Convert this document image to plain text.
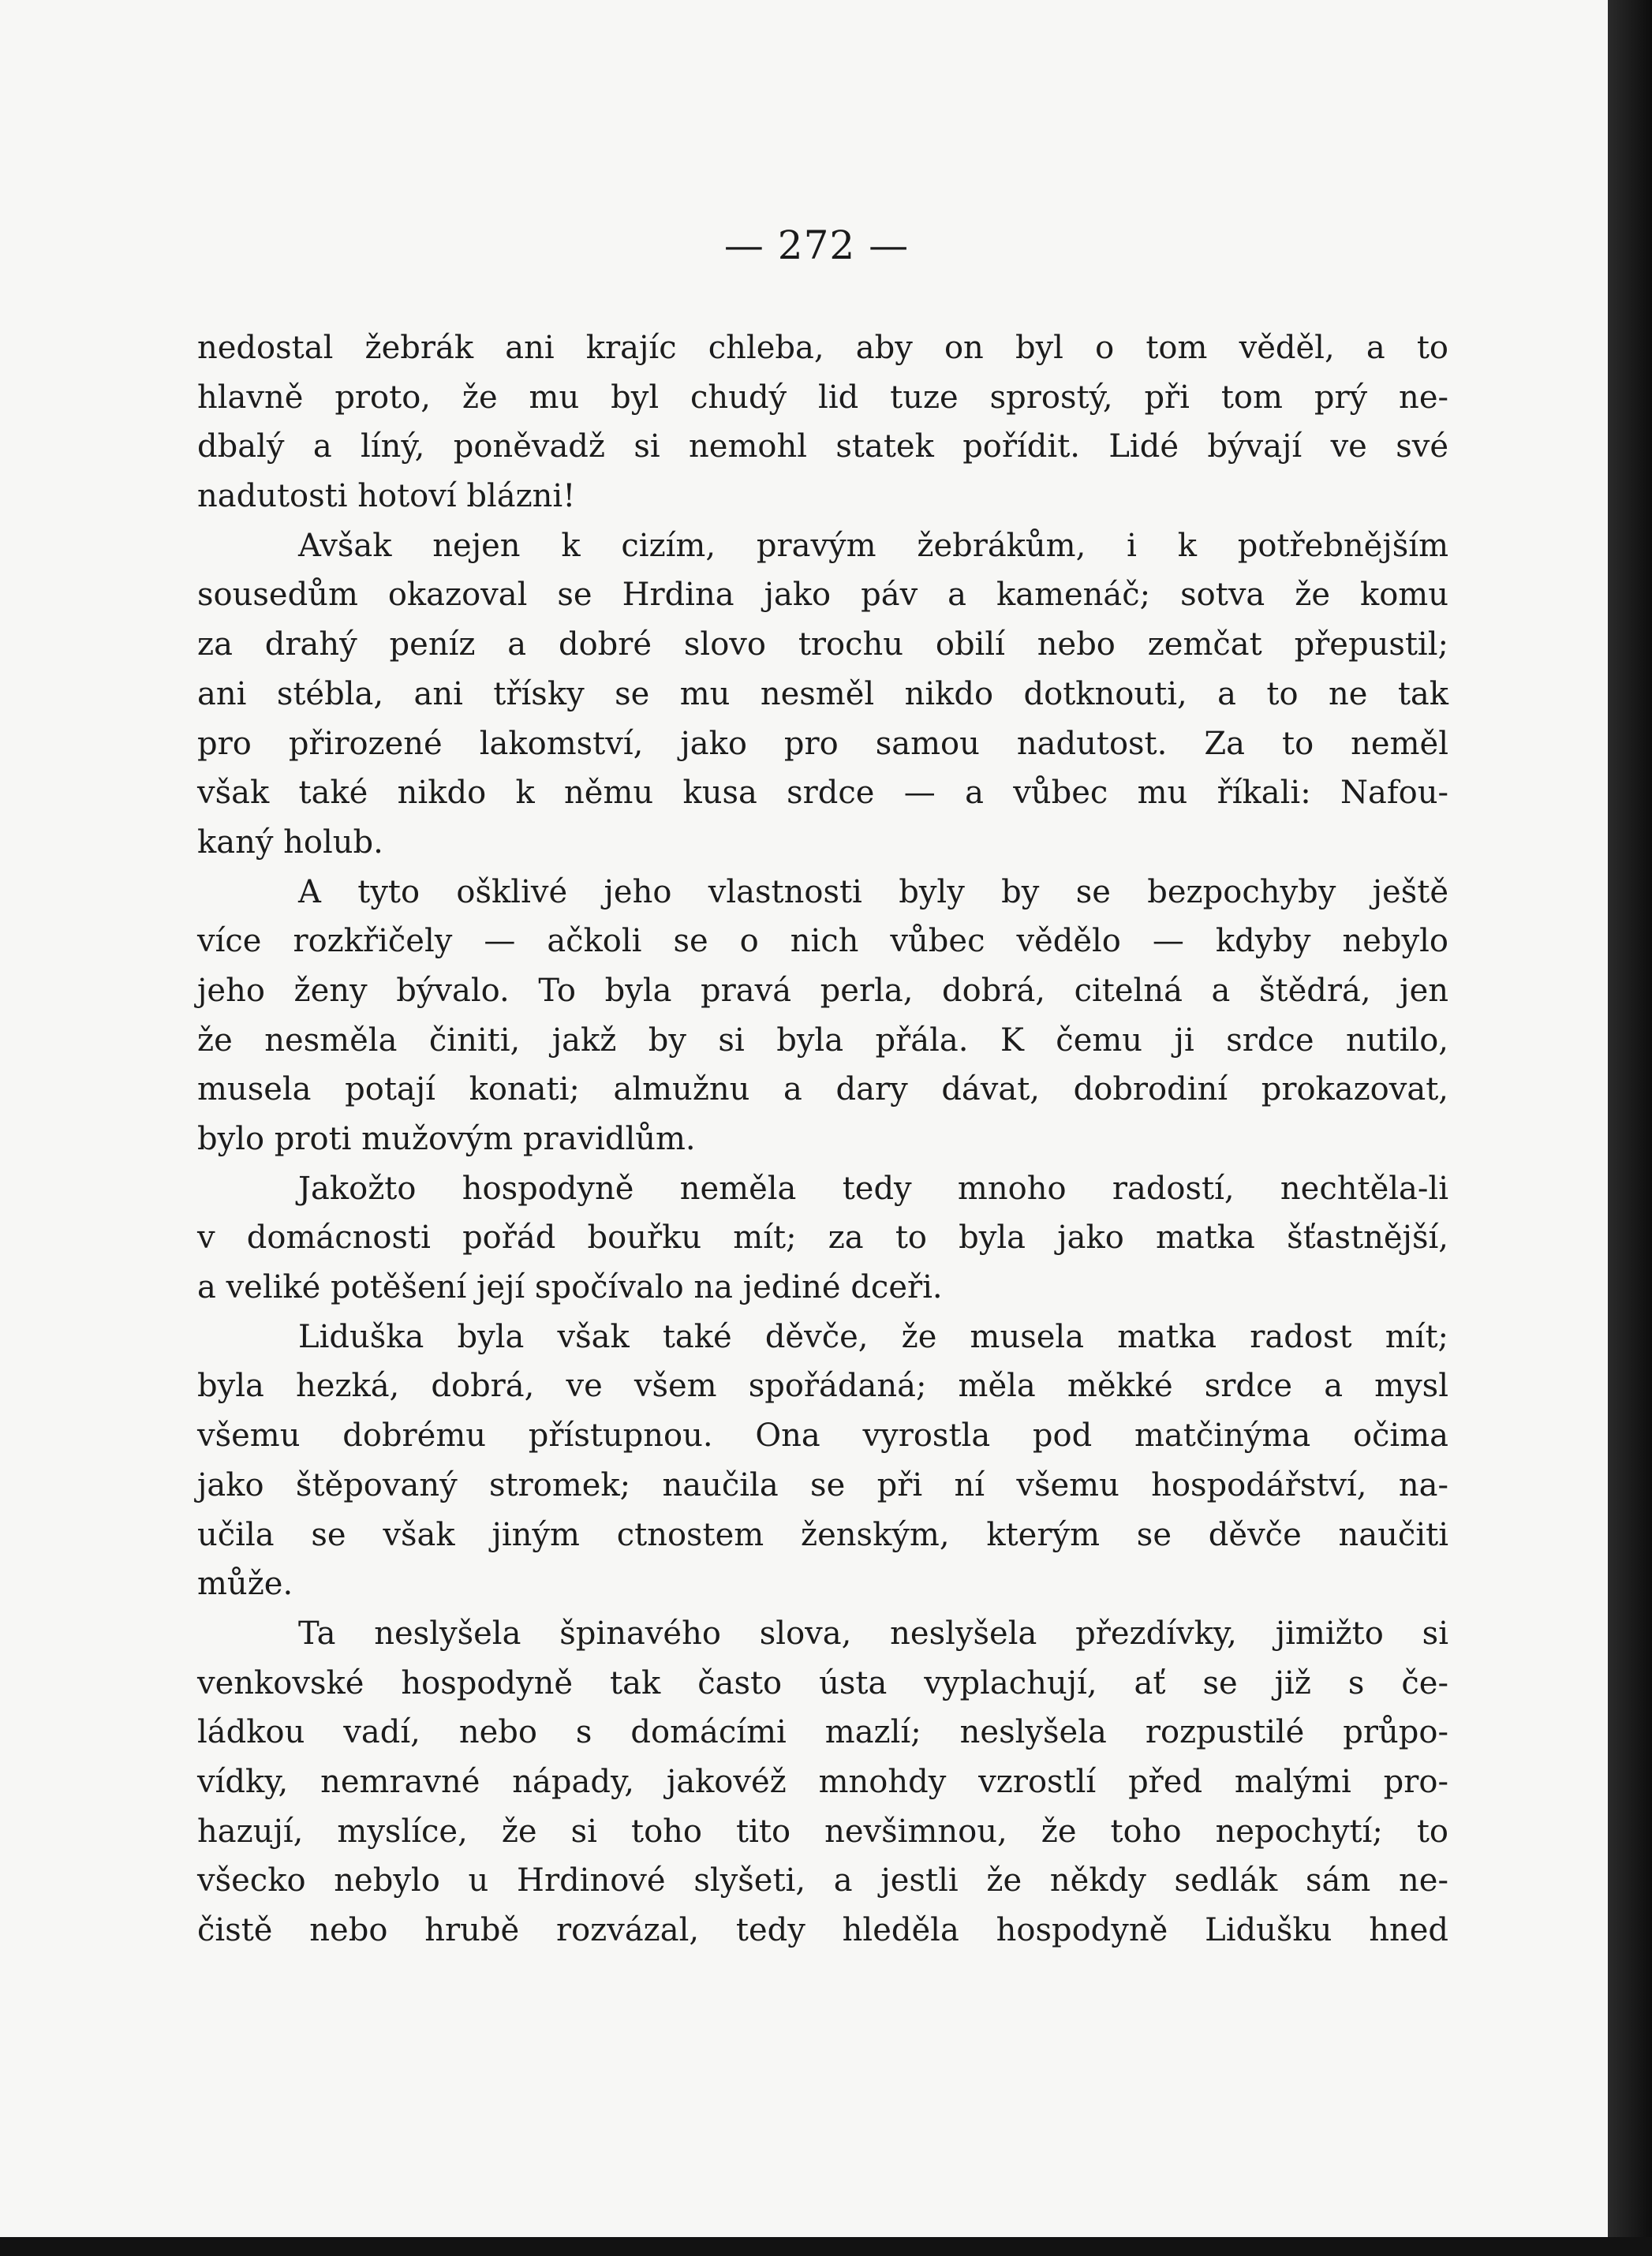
— 272 —
nedostal žebrák ani krajíc chleba, aby on byl o tom věděl, a to
hlavně proto, že mu byl chudý lid tuze sprostý, při tom prý ne-
dbalý a líný, poněvadž si nemohl statek pořídit. Lidé bývají ve své
nadutosti hotoví blázni!
Avšak nejen k cizím, pravým žebrákům, i k potřebnějším
sousedům okazoval se Hrdina jako páv a kamenáč; sotva že komu
za drahý peníz a dobré slovo trochu obilí nebo zemčat přepustil;
ani stébla, ani třísky se mu nesměl nikdo dotknouti, a to ne tak
pro přirozené lakomství, jako pro samou nadutost. Za to neměl
však také nikdo k němu kusa srdce — a vůbec mu říkali: Nafou-
kaný holub.
A tyto ošklivé jeho vlastnosti byly by se bezpochyby ještě
více rozkřičely — ačkoli se o nich vůbec vědělo — kdyby nebylo
jeho ženy bývalo. To byla pravá perla, dobrá, citelná a štědrá, jen
že nesměla činiti, jakž by si byla přála. K čemu ji srdce nutilo,
musela potají konati; almužnu a dary dávat, dobrodiní prokazovat,
bylo proti mužovým pravidlům.
Jakožto hospodyně neměla tedy mnoho radostí, nechtěla-li
v domácnosti pořád bouřku mít; za to byla jako matka šťastnější,
a veliké potěšení její spočívalo na jediné dceři.
Liduška byla však také děvče, že musela matka radost mít;
byla hezká, dobrá, ve všem spořádaná; měla měkké srdce a mysl
všemu dobrému přístupnou. Ona vyrostla pod matčinýma očima
jako štěpovaný stromek; naučila se při ní všemu hospodářství, na-
učila se však jiným ctnostem ženským, kterým se děvče naučiti
může.
Ta neslyšela špinavého slova, neslyšela přezdívky, jimižto si
venkovské hospodyně tak často ústa vyplachují, ať se již s če-
ládkou vadí, nebo s domácími mazlí; neslyšela rozpustilé průpo-
vídky, nemravné nápady, jakovéž mnohdy vzrostlí před malými pro-
hazují, myslíce, že si toho tito nevšimnou, že toho nepochytí; to
všecko nebylo u Hrdinové slyšeti, a jestli že někdy sedlák sám ne-
čistě nebo hrubě rozvázal, tedy hleděla hospodyně Lidušku hned
